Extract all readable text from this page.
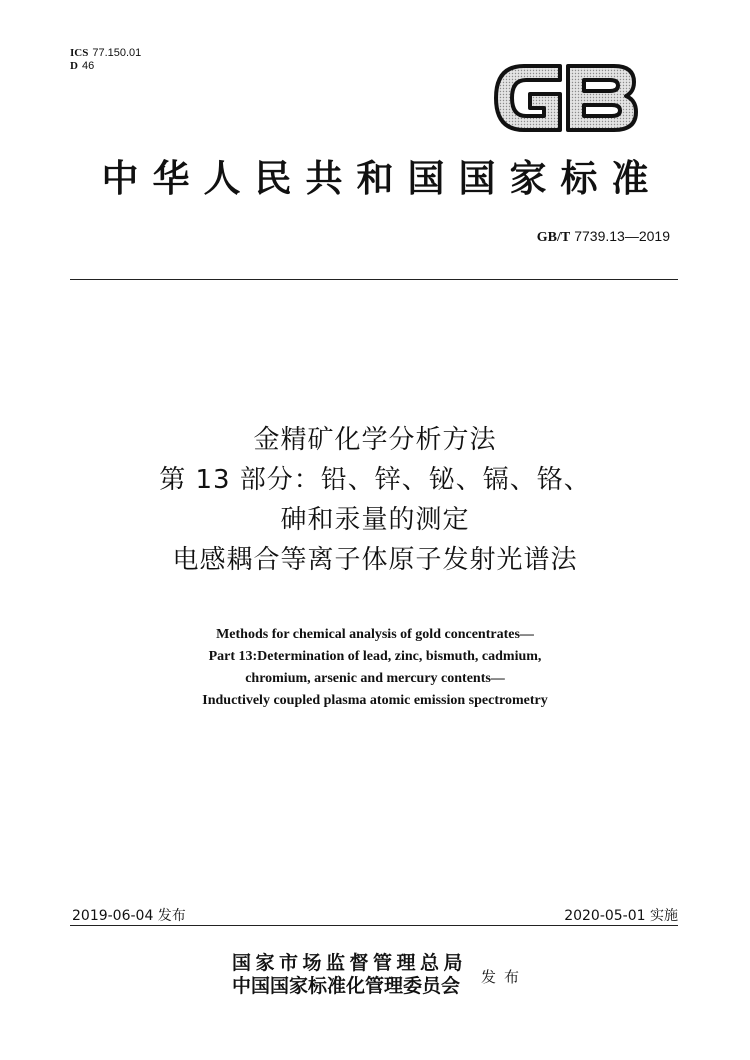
ICS 77.150.01
D 46
中华人民共和国国家标准
GB/T 7739.13—2019
金精矿化学分析方法
第 13 部分：铅、锌、铋、镉、铬、
砷和汞量的测定
电感耦合等离子体原子发射光谱法
Methods for chemical analysis of gold concentrates—
Part 13:Determination of lead, zinc, bismuth, cadmium,
chromium, arsenic and mercury contents—
Inductively coupled plasma atomic emission spectrometry
2019-06-04 发布	2020-05-01 实施
国家市场监督管理总局
中国国家标准化管理委员会	发布
